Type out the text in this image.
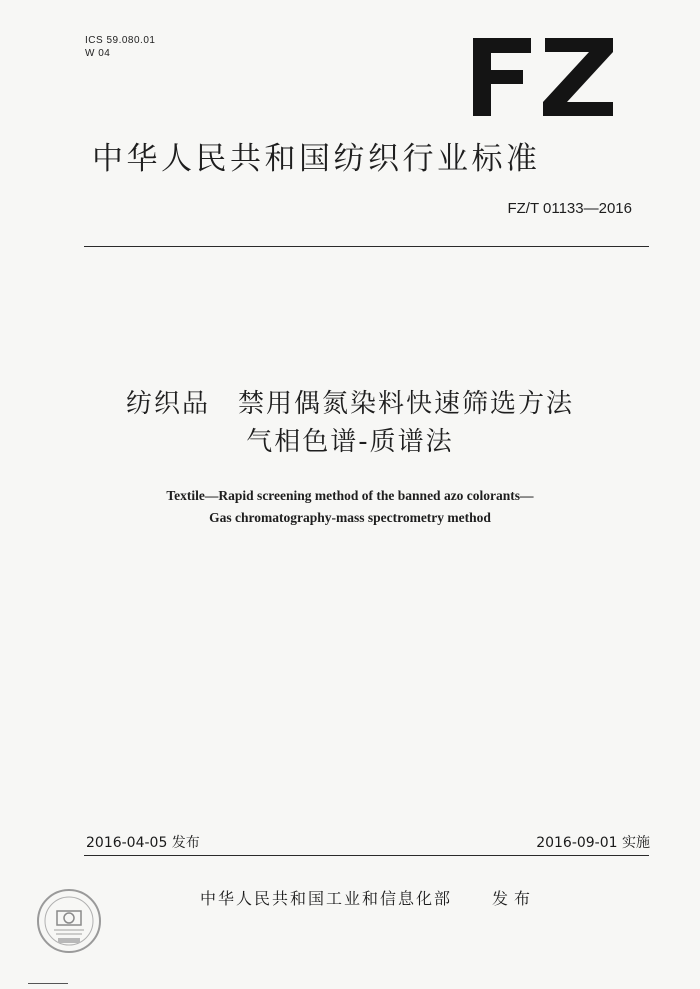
ICS 59.080.01
W 04
中华人民共和国纺织行业标准
FZ/T 01133—2016
纺织品　禁用偶氮染料快速筛选方法
气相色谱-质谱法
Textile—Rapid screening method of the banned azo colorants—
Gas chromatography-mass spectrometry method
2016-04-05 发布	2016-09-01 实施
中华人民共和国工业和信息化部 发布
